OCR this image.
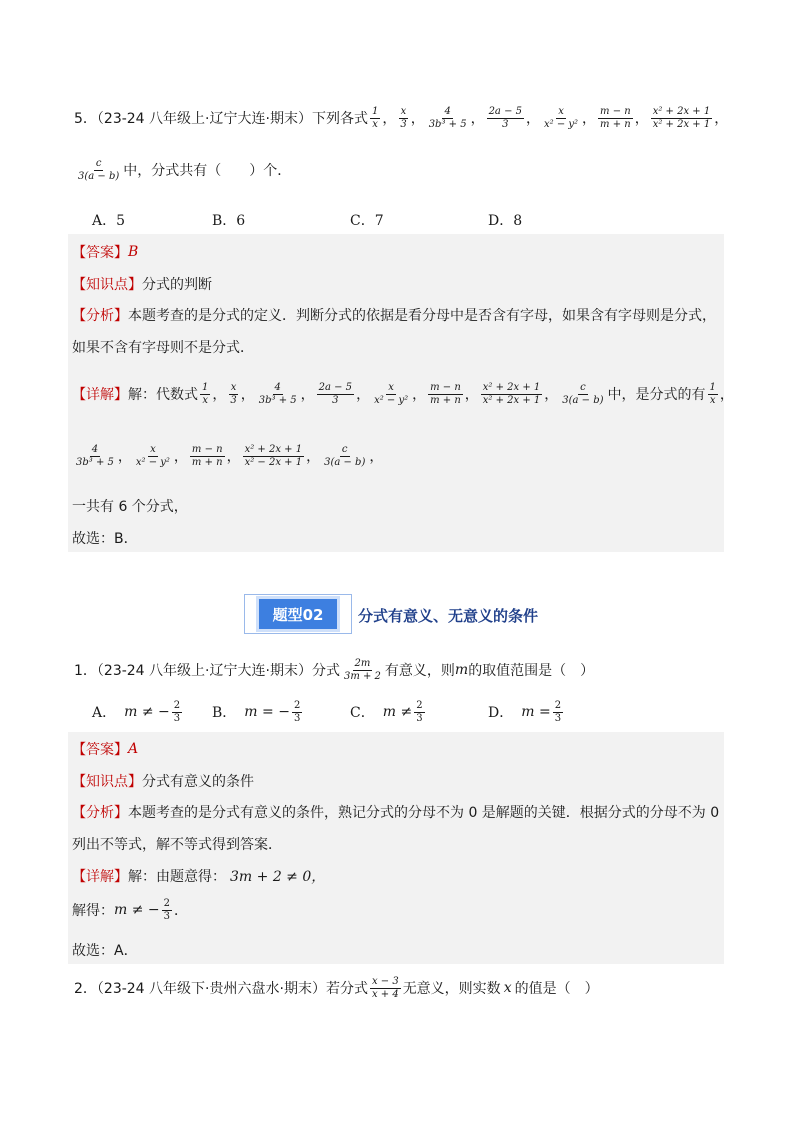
5．（23-24 八年级上·辽宁大连·期末）下列各式 $\frac{1}{x}$ ， $\frac{x}{3}$ ， $\frac{4}{\text{3b³ + 5}}$ ， $\frac{2a - 5}{3}$ ， $\frac{x}{\text{x² − y²}}$ ， $\frac{m - n}{m + n}$ ， $\frac{\text{x² + 2x + 1}}{\text{x² + 2x + 1}}$ ，
$\frac{c}{3(a - b)}$ 中，分式共有（　　）个．
A．5	B．6	C．7	D．8
【答案】 B
【知识点】 分式的判断
【分析】 本题考查的是分式的定义．判断分式的依据是看分母中是否含有字母，如果含有字母则是分式，
如果不含有字母则不是分式．
【详解】 解：代数式 $\frac{1}{x}$ ， $\frac{x}{3}$ ， $\frac{4}{\text{3b³ + 5}}$ ， $\frac{2a - 5}{3}$ ， $\frac{x}{\text{x² − y²}}$ ， $\frac{m - n}{m + n}$ ， $\frac{\text{x² + 2x + 1}}{\text{x² + 2x + 1}}$ ， $\frac{c}{3(a - b)}$ 中，是分式的有 $\frac{1}{x}$ ，
$\frac{4}{\text{3b³ + 5}}$ ， $\frac{x}{\text{x² − y²}}$ ， $\frac{m - n}{m + n}$ ， $\frac{\text{x² + 2x + 1}}{\text{x² − 2x + 1}}$ ， $\frac{c}{3(a - b)}$ ，
一共有 6 个分式，
故选：B．
题型02	分式有意义、无意义的条件
1．（23-24 八年级上·辽宁大连·期末）分式 $\frac{2m}{3m + 2}$ 有意义，则 m 的取值范围是（　）
A． m ≠ − $\frac{2}{3}$ B． m = − $\frac{2}{3}$	C． $m \ne \frac{2}{3}$	D． $m = \frac{2}{3}$
【答案】 A
【知识点】 分式有意义的条件
【分析】 本题考查的是分式有意义的条件，熟记分式的分母不为 0 是解题的关键．根据分式的分母不为 0
列出不等式，解不等式得到答案．
【详解】 解：由题意得： 3m + 2 ≠ 0，
解得： m ≠ − $\frac{2}{3}$ ．
故选：A．
2．（23-24 八年级下·贵州六盘水·期末）若分式 $\frac{x - 3}{x + 4}$ 无意义，则实数 x 的值是（　）
